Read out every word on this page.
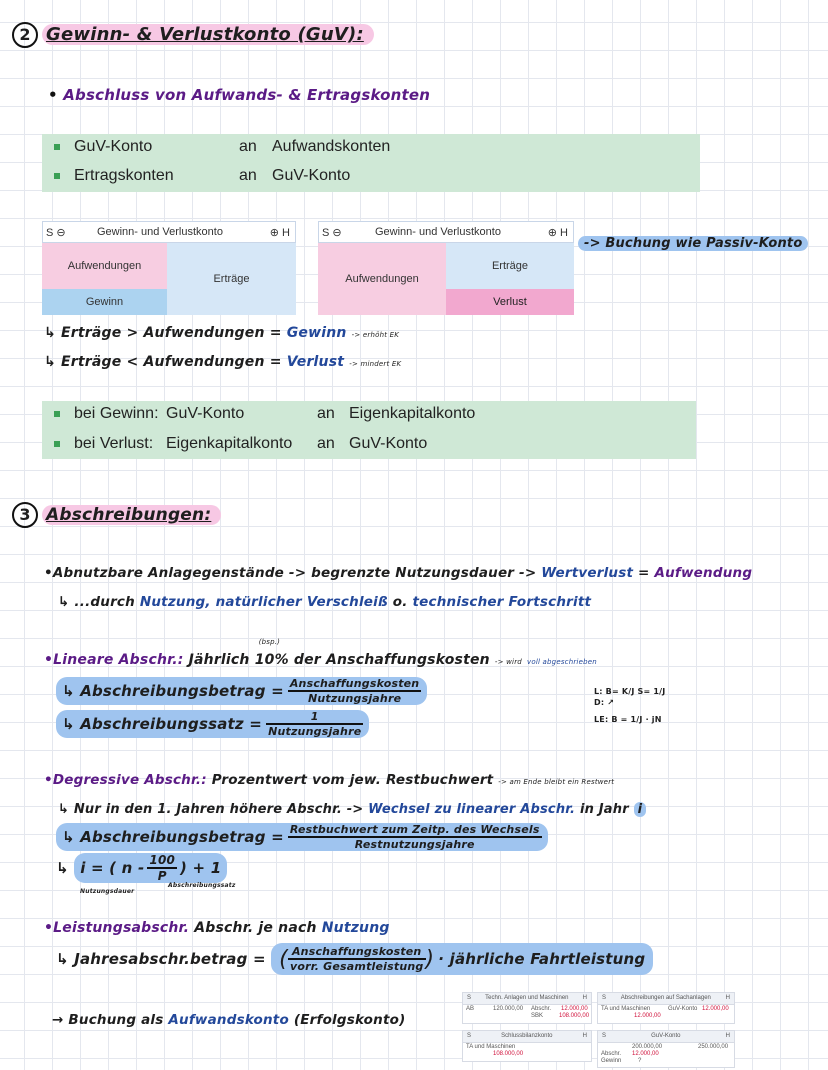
2 Gewinn- & Verlustkonto (GuV):
• Abschluss von Aufwands- & Ertragskonten
GuV-Konto	an Aufwandskonten
Ertragskonten	an GuV-Konto
S ⊖	Gewinn- und Verlustkonto	⊕ H
Aufwendungen
Gewinn
Erträge
S ⊖	Gewinn- und Verlustkonto	⊕ H
Aufwendungen
Erträge
Verlust
-> Buchung wie Passiv-Konto
↳ Erträge > Aufwendungen = Gewinn -> erhöht EK
↳ Erträge < Aufwendungen = Verlust -> mindert EK
bei Gewinn: GuV-Konto	an Eigenkapitalkonto
bei Verlust: Eigenkapitalkonto an GuV-Konto
3 Abschreibungen:
•Abnutzbare Anlagegenstände -> begrenzte Nutzungsdauer -> Wertverlust = Aufwendung
↳ ...durch Nutzung, natürlicher Verschleiß o. technischer Fortschritt
•Lineare Abschr.: Jährlich
(bsp.)
10% der Anschaffungskosten -> wird voll abgeschrieben
↳ Abschreibungsbetrag = $\frac{\text{Anschaffungskosten}}{\text{Nutzungsjahre}}$
↳ Abschreibungssatz = $\frac{1}{\text{Nutzungsjahre}}$
L: B= K/J S= 1/J
D: ↗
LE: B = 1/J · jN
•Degressive Abschr.: Prozentwert vom jew. Restbuchwert -> am Ende bleibt ein Restwert
↳ Nur in den 1. Jahren höhere Abschr. -> Wechsel zu linearer Abschr. in Jahr i
↳ Abschreibungsbetrag = $\frac{\text{Restbuchwert zum Zeitp. des Wechsels}}{\text{Restnutzungsjahre}}$
↳ i = ( n - $\frac{100}{P}$ ) + 1
Nutzungsdauer
Abschreibungssatz
•Leistungsabschr. Abschr. je nach Nutzung
↳ Jahresabschr.betrag = ( $\frac{\text{Anschaffungskosten}}{\text{vorr. Gesamtleistung}}$ ) · jährliche Fahrtleistung
→ Buchung als Aufwandskonto (Erfolgskonto)
S Techn. Anlagen und Maschinen H
AB	120.000,00 Abschr. 12.000,00
SBK	108.000,00
S Abschreibungen auf Sachanlagen H
TA und Maschinen
12.000,00
GuV-Konto 12.000,00
S	Schlussbilanzkonto	H
TA und Maschinen
108.000,00
S	GuV-Konto	H
200.000,00	250.000,00
Abschr. 12.000,00
Gewinn	?
